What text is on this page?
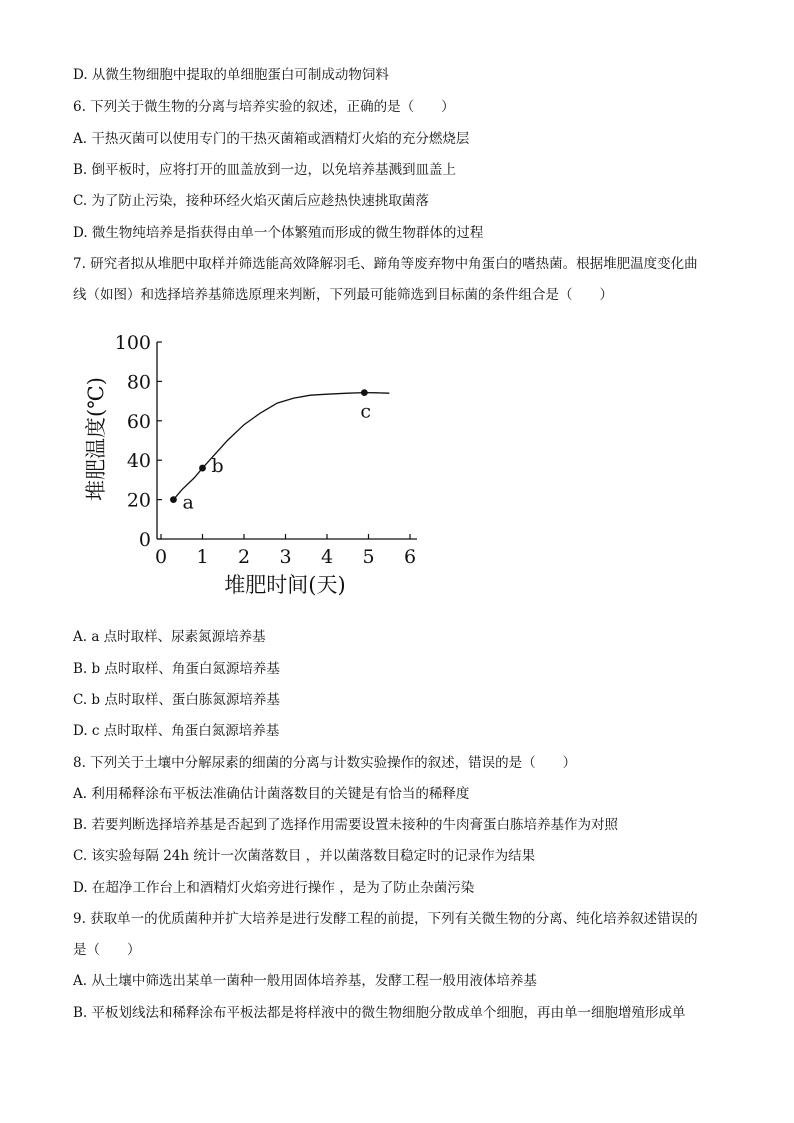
D. 从微生物细胞中提取的单细胞蛋白可制成动物饲料
6. 下列关于微生物的分离与培养实验的叙述，正确的是（　　）
A. 干热灭菌可以使用专门的干热灭菌箱或酒精灯火焰的充分燃烧层
B. 倒平板时，应将打开的皿盖放到一边，以免培养基溅到皿盖上
C. 为了防止污染，接种环经火焰灭菌后应趁热快速挑取菌落
D. 微生物纯培养是指获得由单一个体繁殖而形成的微生物群体的过程
7. 研究者拟从堆肥中取样并筛选能高效降解羽毛、蹄角等废弃物中角蛋白的嗜热菌。根据堆肥温度变化曲
线（如图）和选择培养基筛选原理来判断，下列最可能筛选到目标菌的条件组合是（　　）
0
20
40
60
80
100
0 1 2 3 4 5 6
a
b
c
堆肥温度(℃)
堆肥时间(天)
A. a 点时取样、尿素氮源培养基
B. b 点时取样、角蛋白氮源培养基
C. b 点时取样、蛋白胨氮源培养基
D. c 点时取样、角蛋白氮源培养基
8. 下列关于土壤中分解尿素的细菌的分离与计数实验操作的叙述，错误的是（　　）
A. 利用稀释涂布平板法准确估计菌落数目的关键是有恰当的稀释度
B. 若要判断选择培养基是否起到了选择作用需要设置未接种的牛肉膏蛋白胨培养基作为对照
C. 该实验每隔 24h 统计一次菌落数目 ，并以菌落数目稳定时的记录作为结果
D. 在超净工作台上和酒精灯火焰旁进行操作 ，是为了防止杂菌污染
9. 获取单一的优质菌种并扩大培养是进行发酵工程的前提，下列有关微生物的分离、纯化培养叙述错误的
是（　　）
A. 从土壤中筛选出某单一菌种一般用固体培养基，发酵工程一般用液体培养基
B. 平板划线法和稀释涂布平板法都是将样液中的微生物细胞分散成单个细胞，再由单一细胞增殖形成单
